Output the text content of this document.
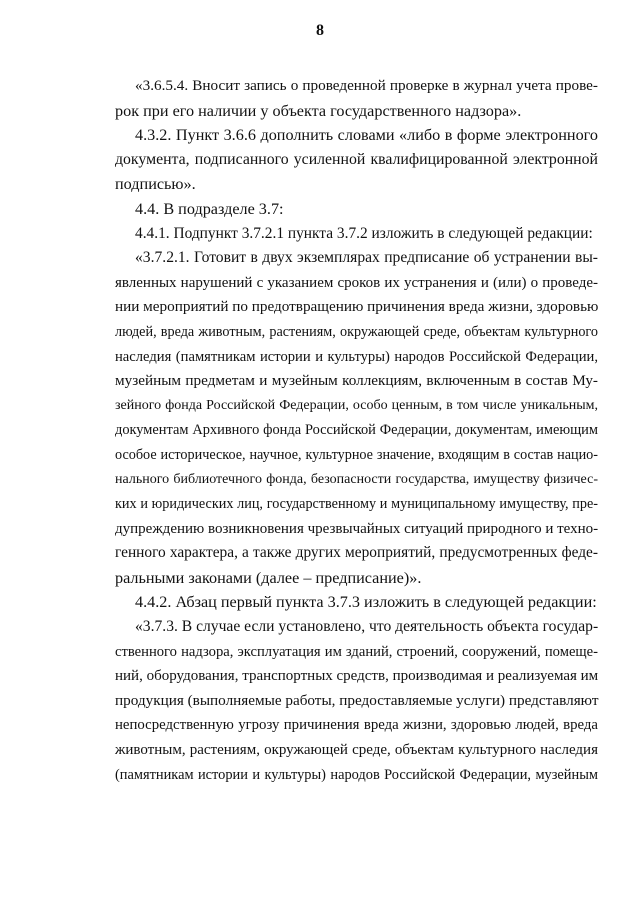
8
«3.6.5.4. Вносит запись о проведенной проверке в журнал учета прове-
рок при его наличии у объекта государственного надзора».
4.3.2. Пункт 3.6.6 дополнить словами «либо в форме электронного
документа, подписанного усиленной квалифицированной электронной
подписью».
4.4. В подразделе 3.7:
4.4.1. Подпункт 3.7.2.1 пункта 3.7.2 изложить в следующей редакции:
«3.7.2.1. Готовит в двух экземплярах предписание об устранении вы-
явленных нарушений с указанием сроков их устранения и (или) о проведе-
нии мероприятий по предотвращению причинения вреда жизни, здоровью
людей, вреда животным, растениям, окружающей среде, объектам культурного
наследия (памятникам истории и культуры) народов Российской Федерации,
музейным предметам и музейным коллекциям, включенным в состав Му-
зейного фонда Российской Федерации, особо ценным, в том числе уникальным,
документам Архивного фонда Российской Федерации, документам, имеющим
особое историческое, научное, культурное значение, входящим в состав нацио-
нального библиотечного фонда, безопасности государства, имуществу физичес-
ких и юридических лиц, государственному и муниципальному имуществу, пре-
дупреждению возникновения чрезвычайных ситуаций природного и техно-
генного характера, а также других мероприятий, предусмотренных феде-
ральными законами (далее – предписание)».
4.4.2. Абзац первый пункта 3.7.3 изложить в следующей редакции:
«3.7.3. В случае если установлено, что деятельность объекта государ-
ственного надзора, эксплуатация им зданий, строений, сооружений, помеще-
ний, оборудования, транспортных средств, производимая и реализуемая им
продукция (выполняемые работы, предоставляемые услуги) представляют
непосредственную угрозу причинения вреда жизни, здоровью людей, вреда
животным, растениям, окружающей среде, объектам культурного наследия
(памятникам истории и культуры) народов Российской Федерации, музейным
